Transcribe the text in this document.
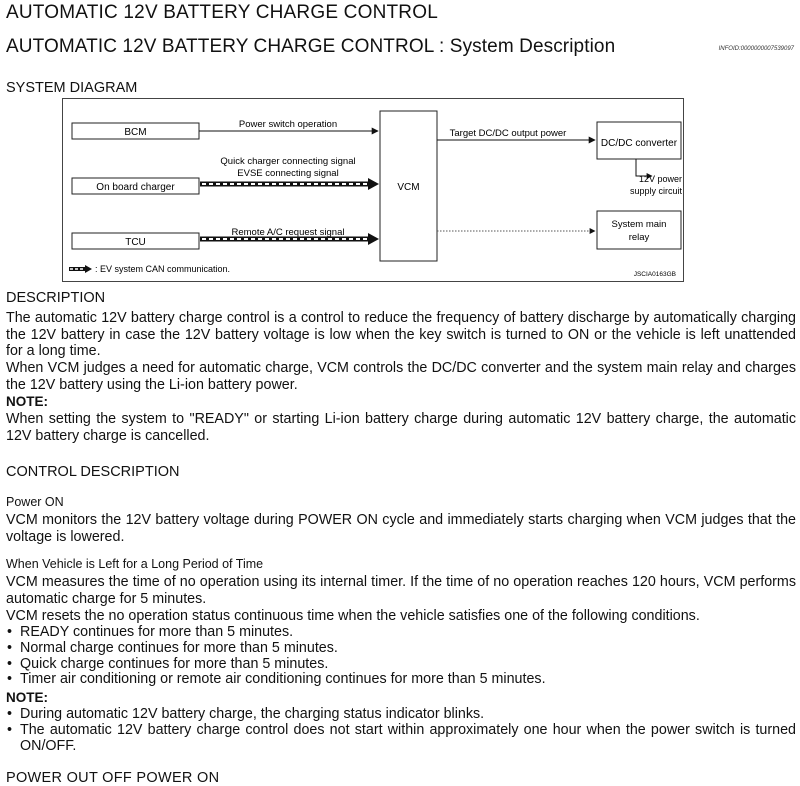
AUTOMATIC 12V BATTERY CHARGE CONTROL
AUTOMATIC 12V BATTERY CHARGE CONTROL : System Description	INFOID:0000000007539097
SYSTEM DIAGRAM
BCM
On board charger
TCU
VCM
DC/DC converter
System main
relay
Power switch operation
Quick charger connecting signal
EVSE connecting signal
Remote A/C request signal
Target DC/DC output power
12V power
supply circuit
: EV system CAN communication.
JSCIA0163GB
DESCRIPTION
The automatic 12V battery charge control is a control to reduce the frequency of battery discharge by automatically charging the 12V battery in case the 12V battery voltage is low when the key switch is turned to ON or the vehicle is left unattended for a long time.
When VCM judges a need for automatic charge, VCM controls the DC/DC converter and the system main relay and charges the 12V battery using the Li-ion battery power.
NOTE:
When setting the system to "READY" or starting Li-ion battery charge during automatic 12V battery charge, the automatic 12V battery charge is cancelled.
CONTROL DESCRIPTION
Power ON
VCM monitors the 12V battery voltage during POWER ON cycle and immediately starts charging when VCM judges that the voltage is lowered.
When Vehicle is Left for a Long Period of Time
VCM measures the time of no operation using its internal timer. If the time of no operation reaches 120 hours, VCM performs automatic charge for 5 minutes.
VCM resets the no operation status continuous time when the vehicle satisfies one of the following conditions.
• READY continues for more than 5 minutes.
• Normal charge continues for more than 5 minutes.
• Quick charge continues for more than 5 minutes.
• Timer air conditioning or remote air conditioning continues for more than 5 minutes.
NOTE:
• During automatic 12V battery charge, the charging status indicator blinks.
• The automatic 12V battery charge control does not start within approximately one hour when the power switch is turned ON/OFF.
POWER OUT OFF POWER ON
